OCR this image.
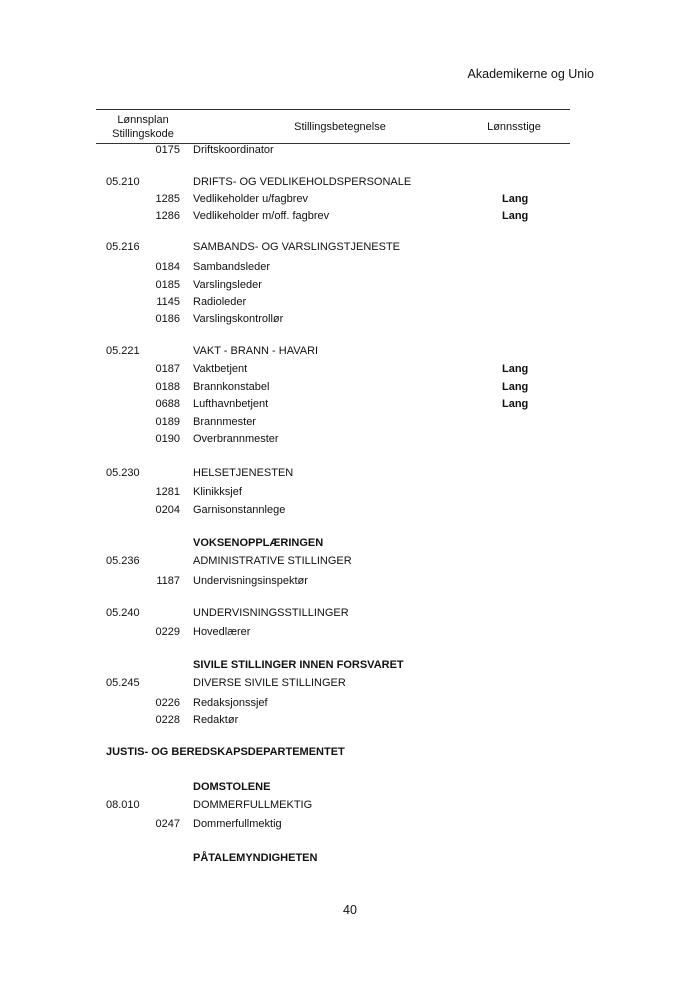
Akademikerne og Unio
Lønnsplan
Stillingskode
Stillingsbetegnelse	Lønnsstige
0175 Driftskoordinator
05.210	DRIFTS- OG VEDLIKEHOLDSPERSONALE
1285 Vedlikeholder u/fagbrev	Lang
1286 Vedlikeholder m/off. fagbrev	Lang
05.216	SAMBANDS- OG VARSLINGSTJENESTE
0184 Sambandsleder
0185 Varslingsleder
1145 Radioleder
0186 Varslingskontrollør
05.221	VAKT - BRANN - HAVARI
0187 Vaktbetjent	Lang
0188 Brannkonstabel	Lang
0688 Lufthavnbetjent	Lang
0189 Brannmester
0190 Overbrannmester
05.230	HELSETJENESTEN
1281 Klinikksjef
0204 Garnisonstannlege
VOKSENOPPLÆRINGEN
05.236	ADMINISTRATIVE STILLINGER
1187 Undervisningsinspektør
05.240	UNDERVISNINGSSTILLINGER
0229 Hovedlærer
SIVILE STILLINGER INNEN FORSVARET
05.245	DIVERSE SIVILE STILLINGER
0226 Redaksjonssjef
0228 Redaktør
JUSTIS- OG BEREDSKAPSDEPARTEMENTET
DOMSTOLENE
08.010	DOMMERFULLMEKTIG
0247 Dommerfullmektig
PÅTALEMYNDIGHETEN
40
